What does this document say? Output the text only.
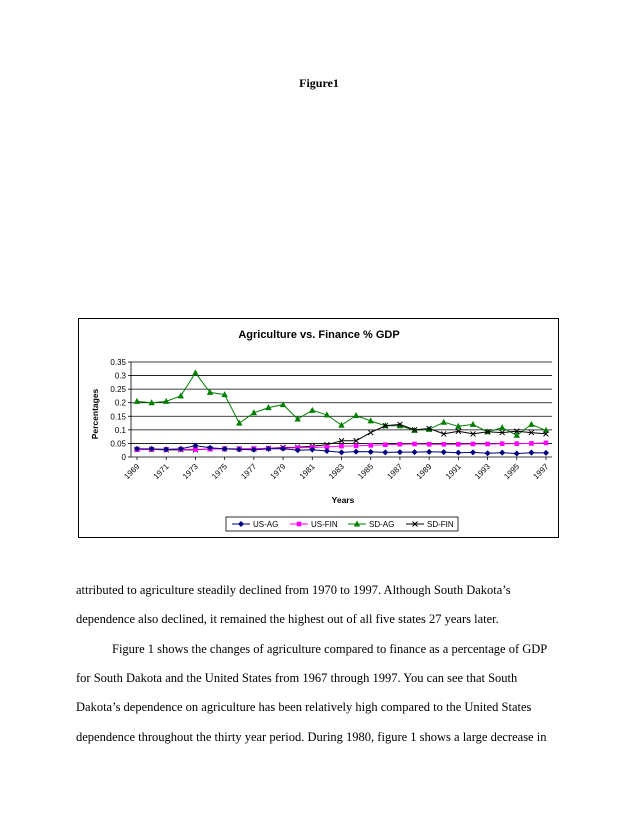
Figure1
Agriculture vs. Finance % GDP
Percentages
Years
0
0.05
0.1
0.15
0.2
0.25
0.3
0.35
1969 1971 1973 1975 1977 1979 1981 1983 1985 1987 1989 1991 1993 1995 1997
US-AG	US-FIN	SD-AG	SD-FIN
attributed to agriculture steadily declined from 1970 to 1997. Although South Dakota’s
dependence also declined, it remained the highest out of all five states 27 years later.
Figure 1 shows the changes of agriculture compared to finance as a percentage of GDP
for South Dakota and the United States from 1967 through 1997. You can see that South
Dakota’s dependence on agriculture has been relatively high compared to the United States
dependence throughout the thirty year period. During 1980, figure 1 shows a large decrease in
